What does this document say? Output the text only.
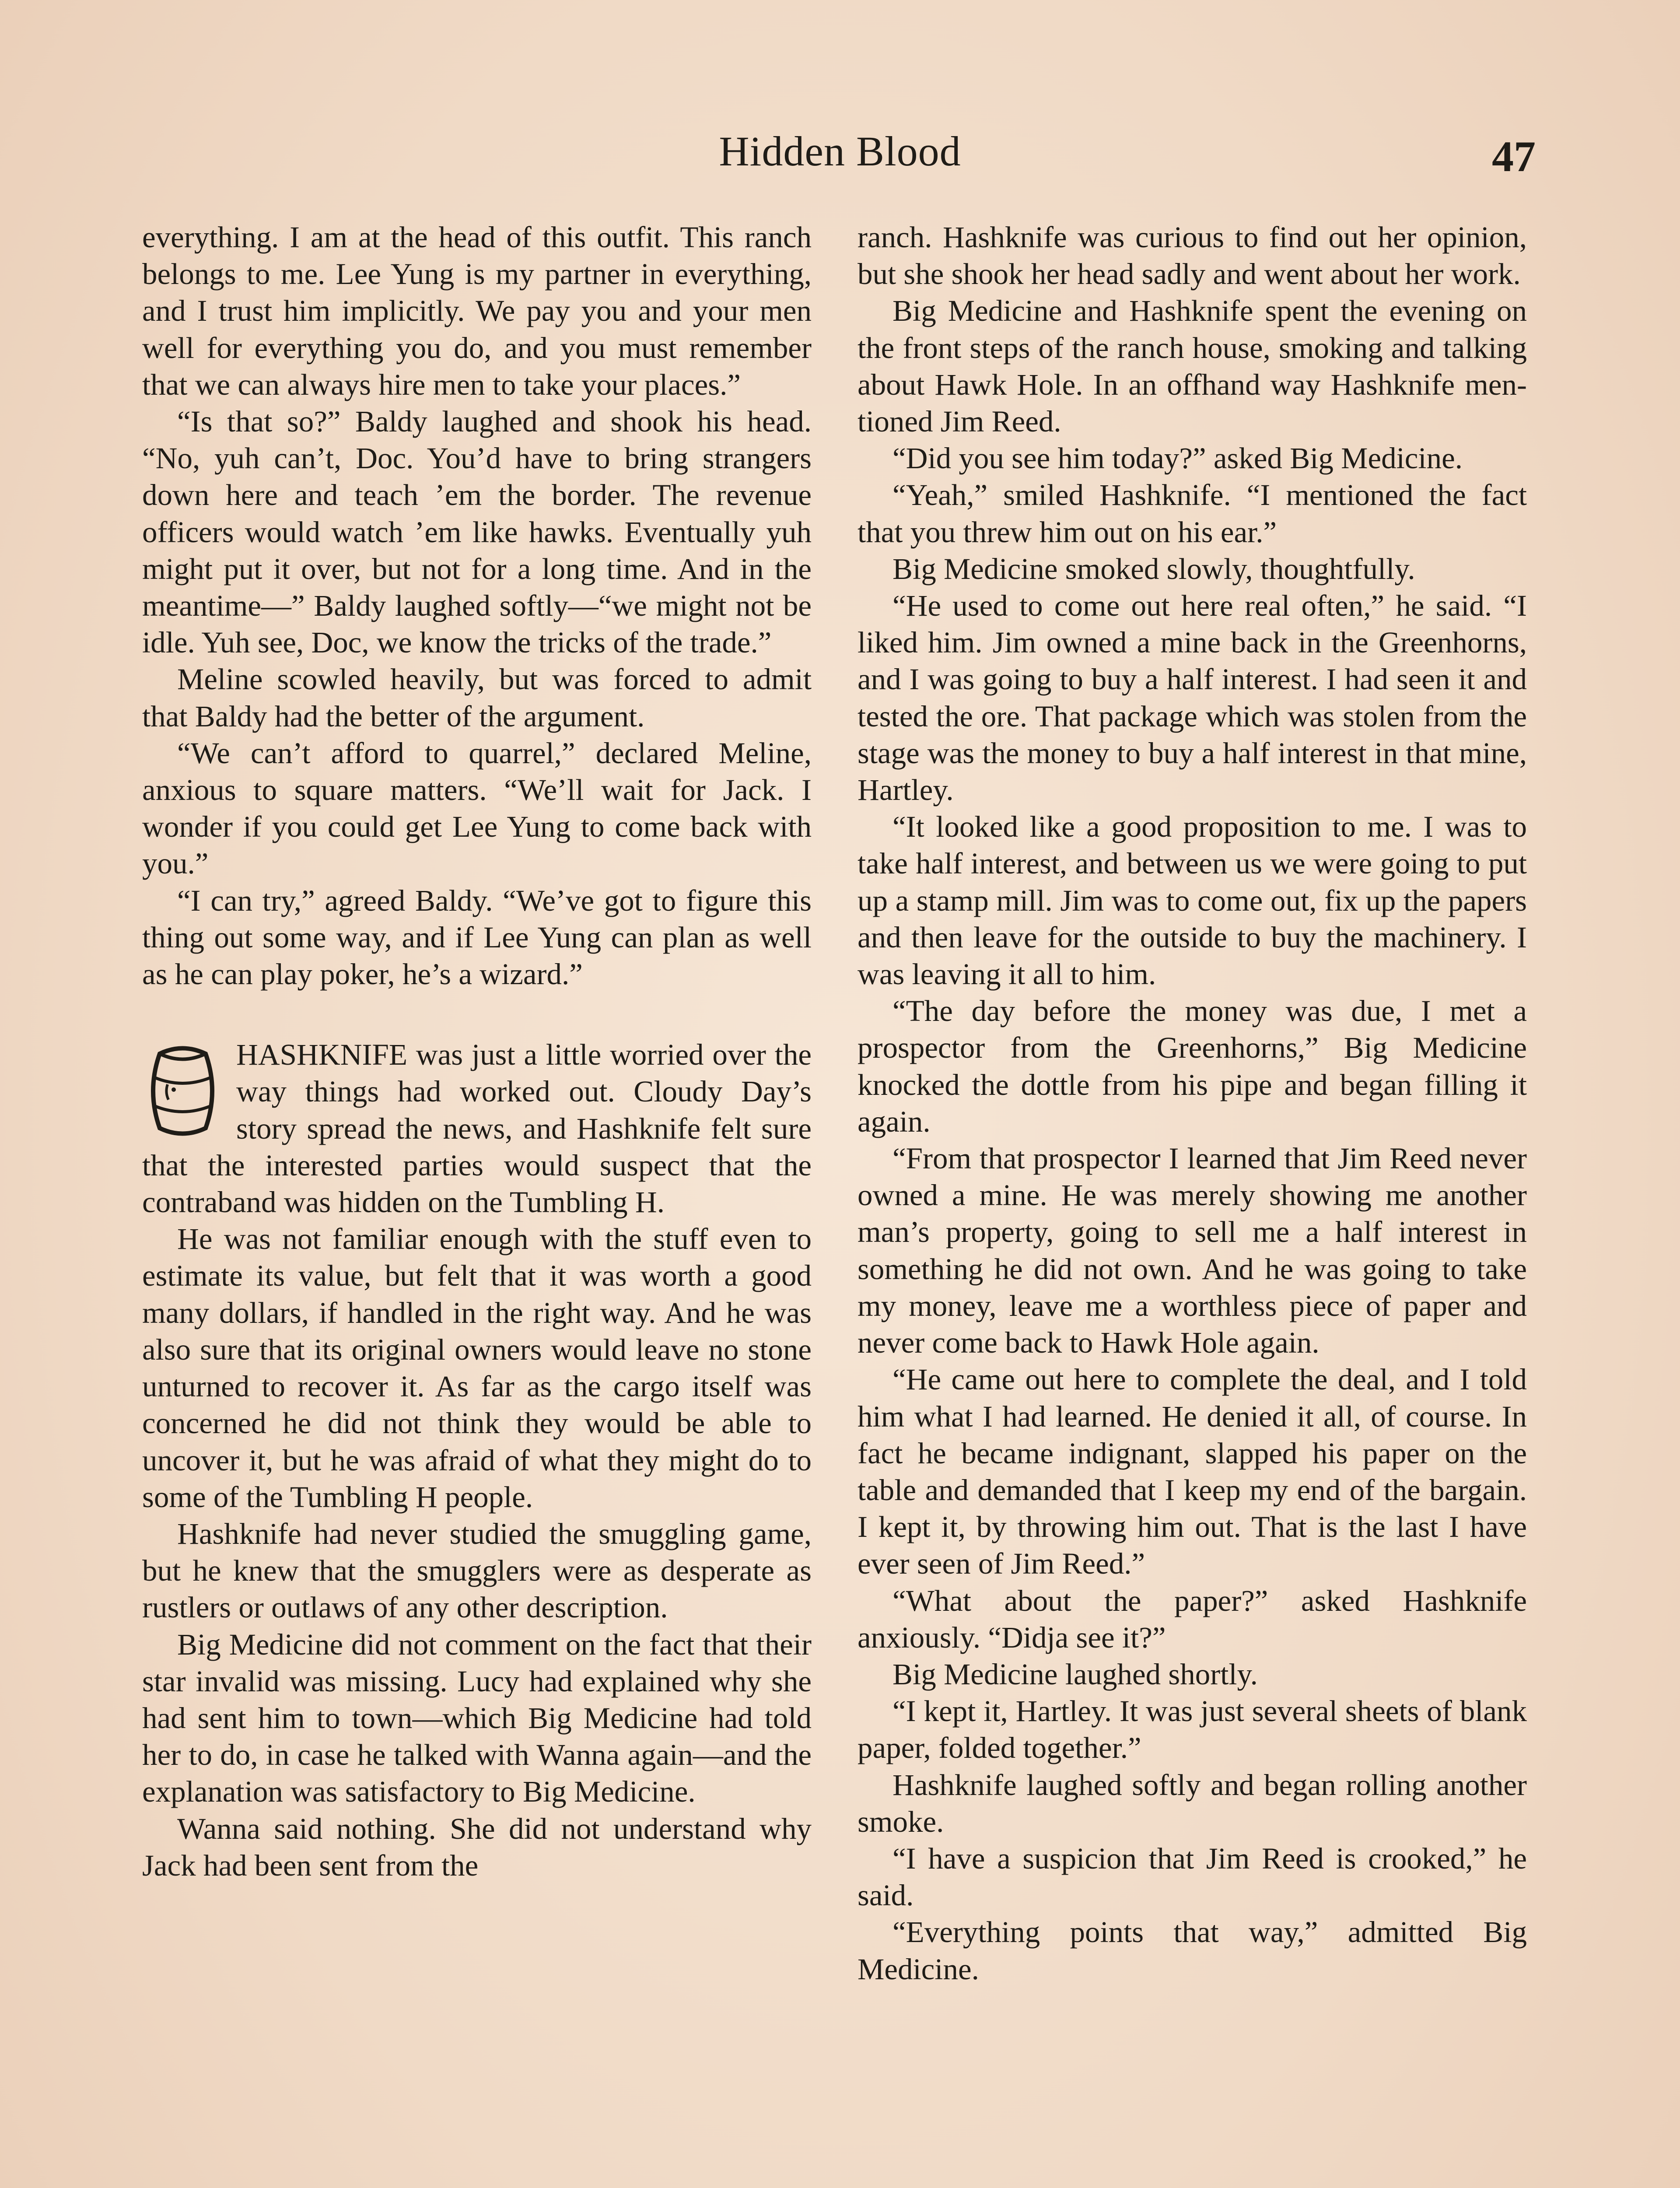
Hidden Blood	47

everything. I am at the head of this outfit. This ranch belongs to me. Lee Yung is my partner in everything, and I trust him implicitly. We pay you and your men well for everything you do, and you must remember that we can always hire men to take your places.”

“Is that so?” Baldy laughed and shook his head. “No, yuh can’t, Doc. You’d have to bring strangers down here and teach ’em the border. The revenue officers would watch ’em like hawks. Eventually yuh might put it over, but not for a long time. And in the meantime—” Baldy laughed softly—“we might not be idle. Yuh see, Doc, we know the tricks of the trade.”

Meline scowled heavily, but was forced to admit that Baldy had the better of the argument.

“We can’t afford to quarrel,” declared Meline, anxious to square matters. “We’ll wait for Jack. I wonder if you could get Lee Yung to come back with you.”

“I can try,” agreed Baldy. “We’ve got to figure this thing out some way, and if Lee Yung can plan as well as he can play poker, he’s a wizard.”

HASHKNIFE was just a little worried over the way things had worked out. Cloudy Day’s story spread the news, and Hashknife felt sure that the interested parties would suspect that the contraband was hidden on the Tumbling H.

He was not familiar enough with the stuff even to estimate its value, but felt that it was worth a good many dollars, if handled in the right way. And he was also sure that its original owners would leave no stone unturned to recover it. As far as the cargo itself was concerned he did not think they would be able to uncover it, but he was afraid of what they might do to some of the Tumbling H people.

Hashknife had never studied the smuggling game, but he knew that the smugglers were as desperate as rustlers or outlaws of any other description.

Big Medicine did not comment on the fact that their star invalid was missing. Lucy had explained why she had sent him to town—which Big Medicine had told her to do, in case he talked with Wanna again—and the explanation was satisfactory to Big Medicine.

Wanna said nothing. She did not understand why Jack had been sent from the

ranch. Hashknife was curious to find out her opinion, but she shook her head sadly and went about her work.

Big Medicine and Hashknife spent the evening on the front steps of the ranch house, smoking and talking about Hawk Hole. In an offhand way Hashknife mentioned Jim Reed.

“Did you see him today?” asked Big Medicine.

“Yeah,” smiled Hashknife. “I mentioned the fact that you threw him out on his ear.”

Big Medicine smoked slowly, thoughtfully.

“He used to come out here real often,” he said. “I liked him. Jim owned a mine back in the Greenhorns, and I was going to buy a half interest. I had seen it and tested the ore. That package which was stolen from the stage was the money to buy a half interest in that mine, Hartley.

“It looked like a good proposition to me. I was to take half interest, and between us we were going to put up a stamp mill. Jim was to come out, fix up the papers and then leave for the outside to buy the machinery. I was leaving it all to him.

“The day before the money was due, I met a prospector from the Greenhorns,” Big Medicine knocked the dottle from his pipe and began filling it again.

“From that prospector I learned that Jim Reed never owned a mine. He was merely showing me another man’s property, going to sell me a half interest in something he did not own. And he was going to take my money, leave me a worthless piece of paper and never come back to Hawk Hole again.

“He came out here to complete the deal, and I told him what I had learned. He denied it all, of course. In fact he became indignant, slapped his paper on the table and demanded that I keep my end of the bargain. I kept it, by throwing him out. That is the last I have ever seen of Jim Reed.”

“What about the paper?” asked Hashknife anxiously. “Didja see it?”

Big Medicine laughed shortly.

“I kept it, Hartley. It was just several sheets of blank paper, folded together.”

Hashknife laughed softly and began rolling another smoke.

“I have a suspicion that Jim Reed is crooked,” he said.

“Everything points that way,” admitted Big Medicine.
